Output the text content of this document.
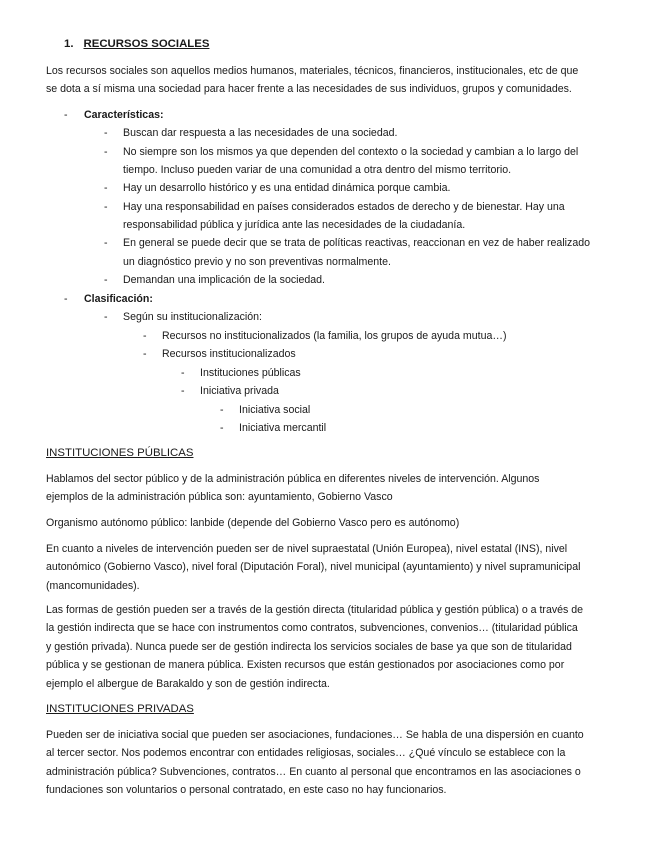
1. RECURSOS SOCIALES
Los recursos sociales son aquellos medios humanos, materiales, técnicos, financieros, institucionales, etc de que
se dota a sí misma una sociedad para hacer frente a las necesidades de sus individuos, grupos y comunidades.
- Características:
- Buscan dar respuesta a las necesidades de una sociedad.
- No siempre son los mismos ya que dependen del contexto o la sociedad y cambian a lo largo del
tiempo. Incluso pueden variar de una comunidad a otra dentro del mismo territorio.
- Hay un desarrollo histórico y es una entidad dinámica porque cambia.
- Hay una responsabilidad en países considerados estados de derecho y de bienestar. Hay una
responsabilidad pública y jurídica ante las necesidades de la ciudadanía.
- En general se puede decir que se trata de políticas reactivas, reaccionan en vez de haber realizado
un diagnóstico previo y no son preventivas normalmente.
- Demandan una implicación de la sociedad.
- Clasificación:
- Según su institucionalización:
- Recursos no institucionalizados (la familia, los grupos de ayuda mutua…)
- Recursos institucionalizados
- Instituciones públicas
- Iniciativa privada
- Iniciativa social
- Iniciativa mercantil
INSTITUCIONES PÚBLICAS
Hablamos del sector público y de la administración pública en diferentes niveles de intervención. Algunos
ejemplos de la administración pública son: ayuntamiento, Gobierno Vasco
Organismo autónomo público: lanbide (depende del Gobierno Vasco pero es autónomo)
En cuanto a niveles de intervención pueden ser de nivel supraestatal (Unión Europea), nivel estatal (INS), nivel
autonómico (Gobierno Vasco), nivel foral (Diputación Foral), nivel municipal (ayuntamiento) y nivel supramunicipal
(mancomunidades).
Las formas de gestión pueden ser a través de la gestión directa (titularidad pública y gestión pública) o a través de
la gestión indirecta que se hace con instrumentos como contratos, subvenciones, convenios… (titularidad pública
y gestión privada). Nunca puede ser de gestión indirecta los servicios sociales de base ya que son de titularidad
pública y se gestionan de manera pública. Existen recursos que están gestionados por asociaciones como por
ejemplo el albergue de Barakaldo y son de gestión indirecta.
INSTITUCIONES PRIVADAS
Pueden ser de iniciativa social que pueden ser asociaciones, fundaciones… Se habla de una dispersión en cuanto
al tercer sector. Nos podemos encontrar con entidades religiosas, sociales… ¿Qué vínculo se establece con la
administración pública? Subvenciones, contratos… En cuanto al personal que encontramos en las asociaciones o
fundaciones son voluntarios o personal contratado, en este caso no hay funcionarios.
